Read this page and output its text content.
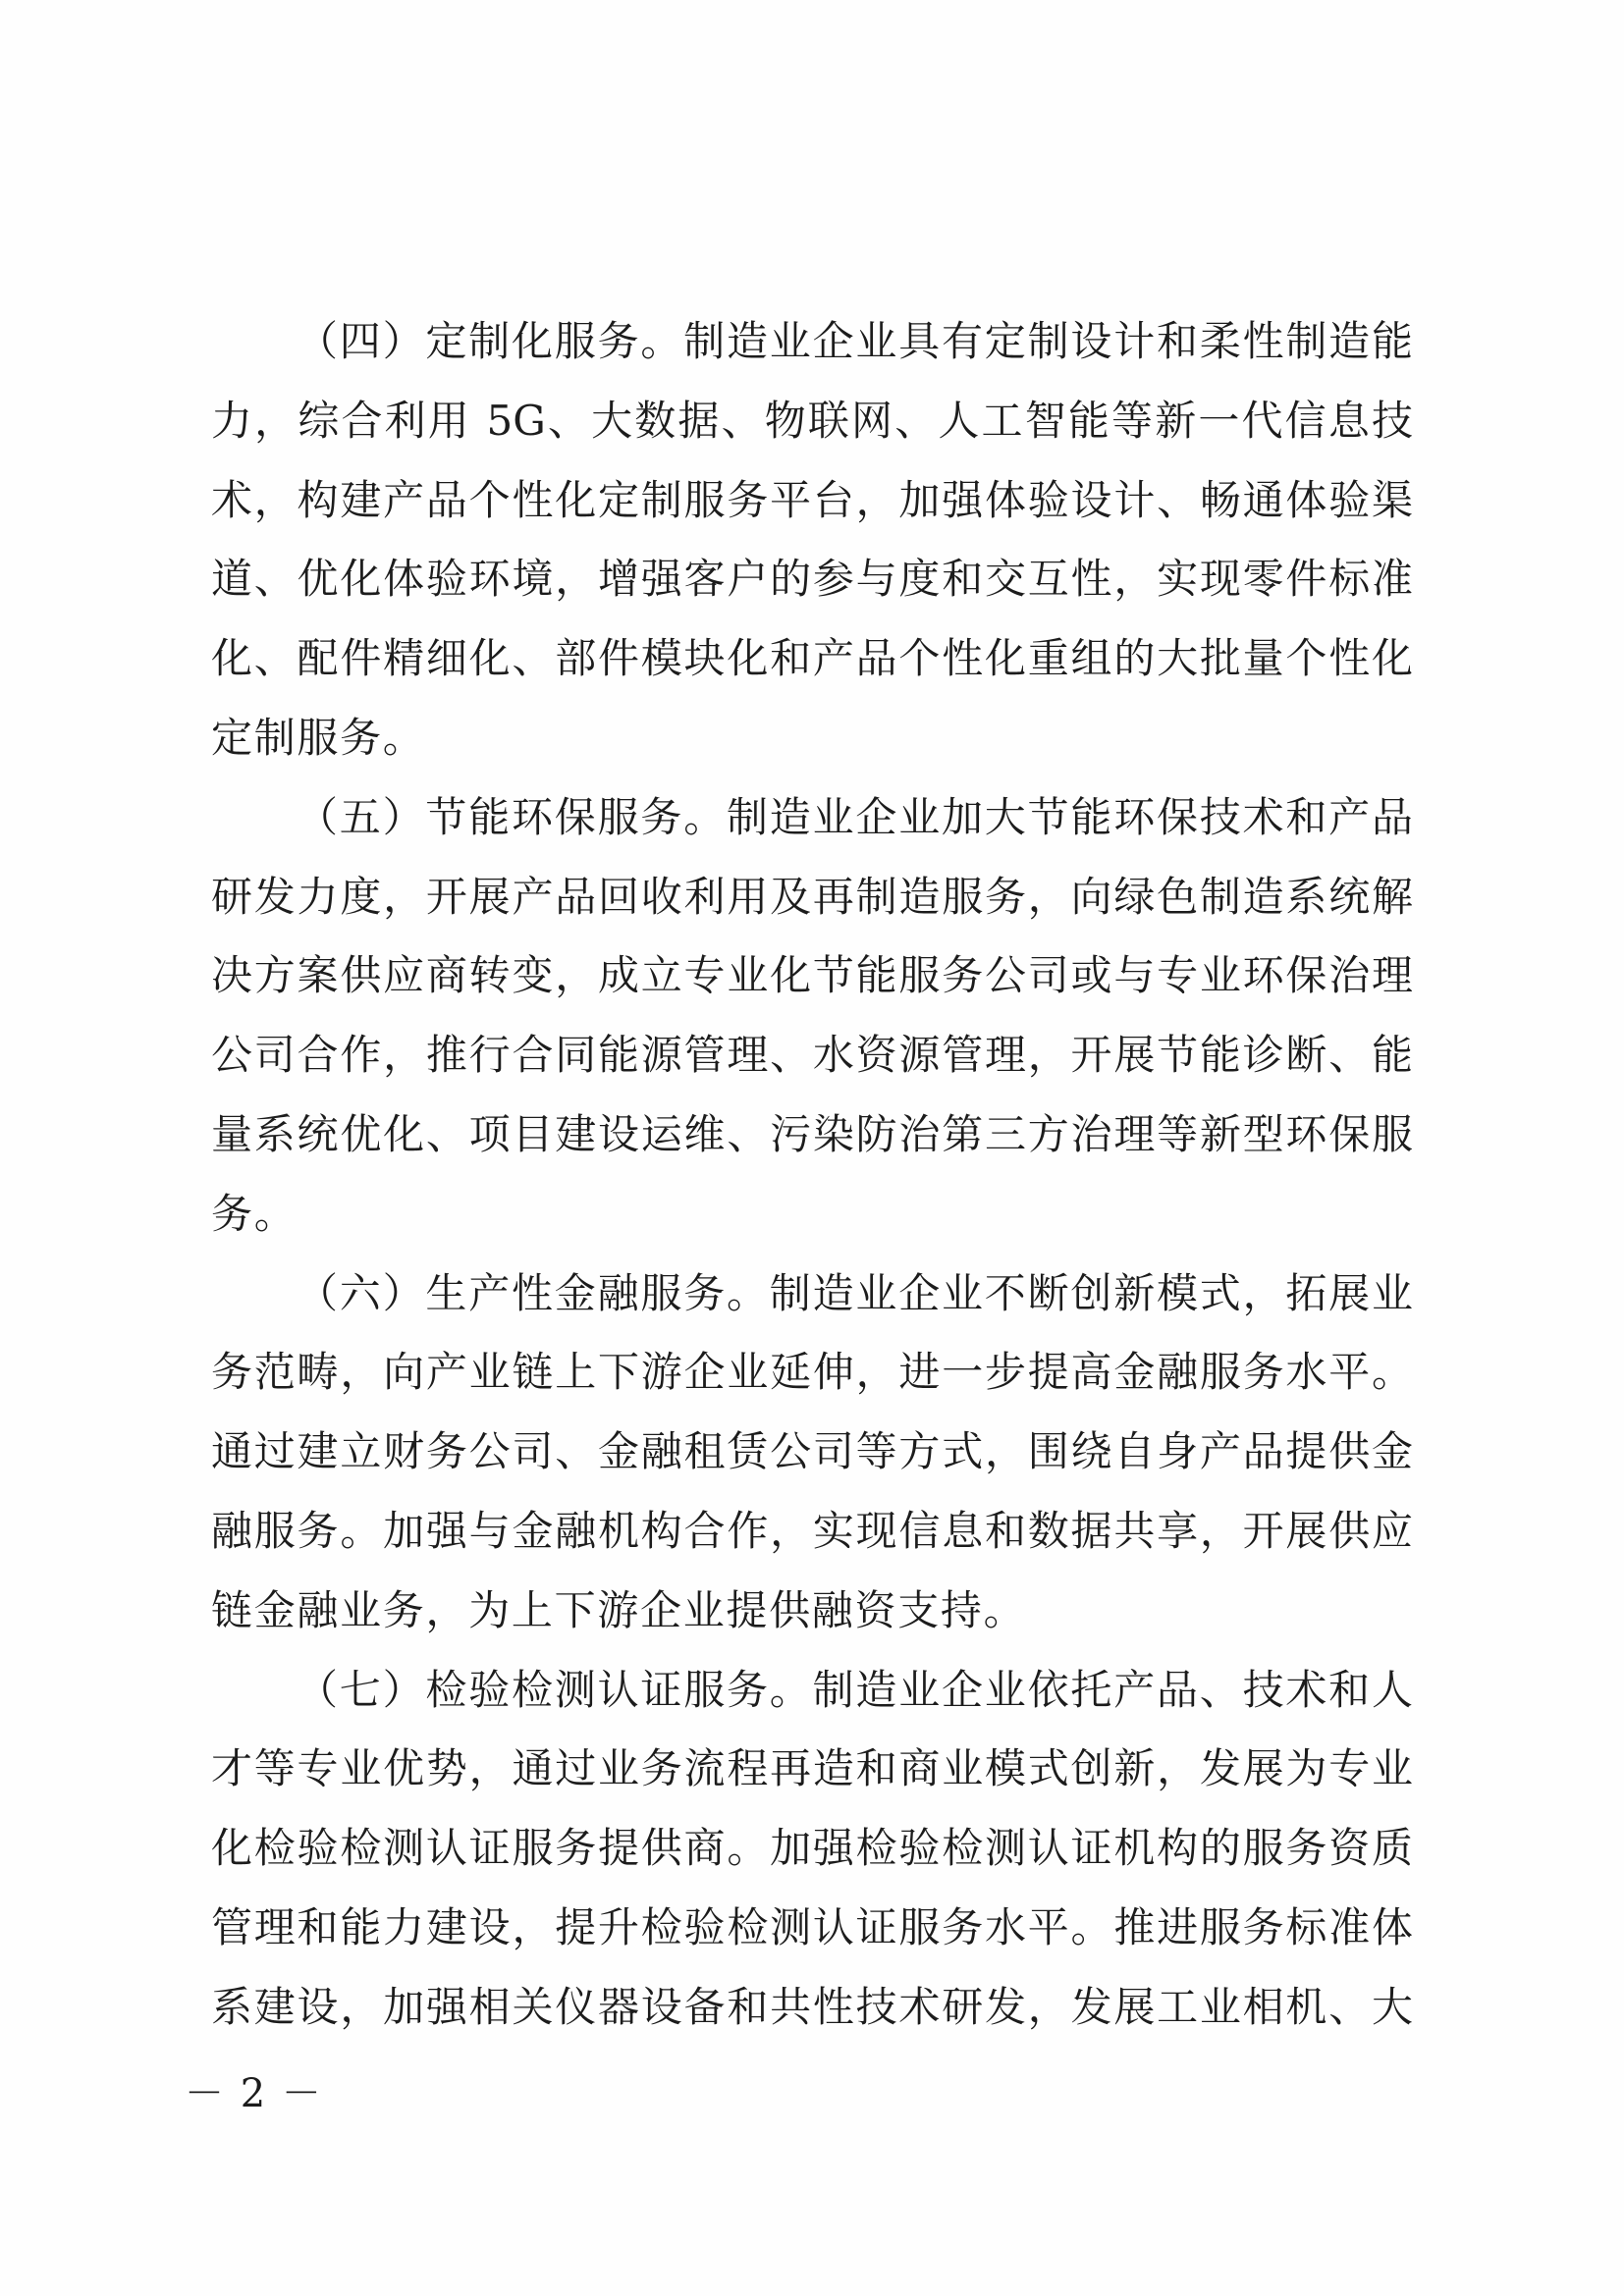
（四）定制化服务。制造业企业具有定制设计和柔性制造能
力，综合利用 5G、大数据、物联网、人工智能等新一代信息技
术，构建产品个性化定制服务平台，加强体验设计、畅通体验渠
道、优化体验环境，增强客户的参与度和交互性，实现零件标准
化、配件精细化、部件模块化和产品个性化重组的大批量个性化
定制服务。
（五）节能环保服务。制造业企业加大节能环保技术和产品
研发力度，开展产品回收利用及再制造服务，向绿色制造系统解
决方案供应商转变，成立专业化节能服务公司或与专业环保治理
公司合作，推行合同能源管理、水资源管理，开展节能诊断、能
量系统优化、项目建设运维、污染防治第三方治理等新型环保服
务。
（六）生产性金融服务。制造业企业不断创新模式，拓展业
务范畴，向产业链上下游企业延伸，进一步提高金融服务水平。
通过建立财务公司、金融租赁公司等方式，围绕自身产品提供金
融服务。加强与金融机构合作，实现信息和数据共享，开展供应
链金融业务，为上下游企业提供融资支持。
（七）检验检测认证服务。制造业企业依托产品、技术和人
才等专业优势，通过业务流程再造和商业模式创新，发展为专业
化检验检测认证服务提供商。加强检验检测认证机构的服务资质
管理和能力建设，提升检验检测认证服务水平。推进服务标准体
系建设，加强相关仪器设备和共性技术研发，发展工业相机、大
－ 2 －
